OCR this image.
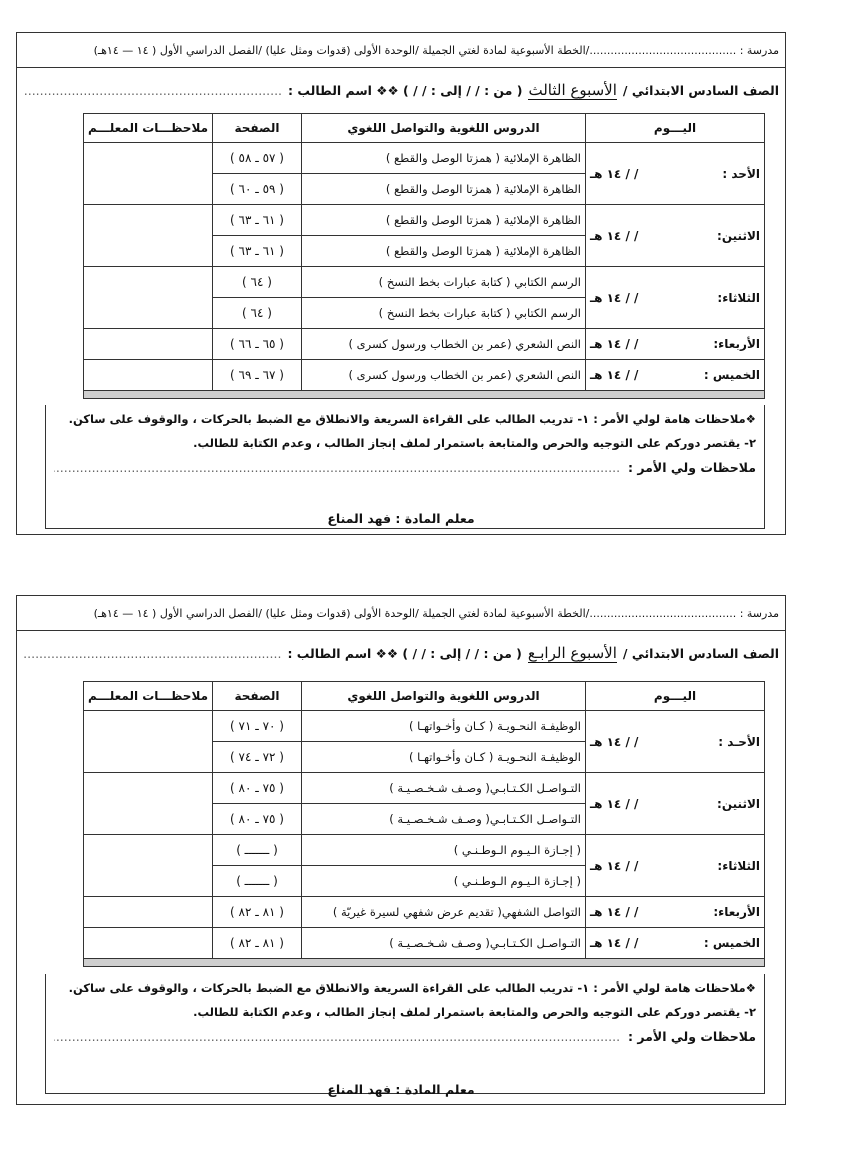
مدرسة : ........................................../الخطة الأسبوعية لمادة لغتي الجميلة /الوحدة الأولى (قدوات ومثل عليا) /الفصل الدراسي الأول ( ١٤ — ١٤هـ)
الصف السادس الابتدائي /
الأسبوع الثالث
( من : / / إلى : / / ) ❖❖ اسم الطالب :
.....
اليـــوم	الدروس اللغوية والتواصل اللغوي	الصفحة	ملاحظـــات المعلـــم

الأحد :
/ / ١٤ هـ	الظاهرة الإملائية ( همزتا الوصل والقطع )	( ٥٧ ـ ٥٨ )	
	الظاهرة الإملائية ( همزتا الوصل والقطع )	( ٥٩ ـ ٦٠ )	

الاثنين:
/ / ١٤ هـ	الظاهرة الإملائية ( همزتا الوصل والقطع )	( ٦١ ـ ٦٣ )	
	الظاهرة الإملائية ( همزتا الوصل والقطع )	( ٦١ ـ ٦٣ )	

الثلاثاء:
/ / ١٤ هـ	الرسم الكتابي ( كتابة عبارات بخط النسخ )	( ٦٤ )	
	الرسم الكتابي ( كتابة عبارات بخط النسخ )	( ٦٤ )	

الأربعاء:
/ / ١٤ هـ	النص الشعري (عمر بن الخطاب ورسول كسرى )	( ٦٥ ـ ٦٦ )	

الخميس :
/ / ١٤ هـ	النص الشعري (عمر بن الخطاب ورسول كسرى )	( ٦٧ ـ ٦٩ )	

❖ملاحظات هامة لولي الأمر : ١- تدريب الطالب على القراءة السريعة والانطلاق مع الضبط بالحركات ، والوقوف على ساكن.

٢- يقتصر دوركم على التوجيه والحرص والمتابعة باستمرار لملف إنجاز الطالب ، وعدم الكتابة للطالب.

ملاحظات ولي الأمر :
.....
معلم المادة : فهد المناع
مدرسة : ........................................../الخطة الأسبوعية لمادة لغتي الجميلة /الوحدة الأولى (قدوات ومثل عليا) /الفصل الدراسي الأول ( ١٤ — ١٤هـ)
الصف السادس الابتدائي /
الأسبوع الرابـع
( من : / / إلى : / / ) ❖❖ اسم الطالب :
.....
اليـــوم	الدروس اللغوية والتواصل اللغوي	الصفحة	ملاحظـــات المعلـــم

الأحـد :
/ / ١٤ هـ	الوظيفـة النحـويـة ( كـان وأخـواتهـا )	( ٧٠ ـ ٧١ )	
	الوظيفـة النحـويـة ( كـان وأخـواتهـا )	( ٧٢ ـ ٧٤ )	

الاثنين:
/ / ١٤ هـ	التـواصـل الكـتـابـي( وصـف شـخـصـيـة )	( ٧٥ ـ ٨٠ )	
	التـواصـل الكـتـابـي( وصـف شـخـصـيـة )	( ٧٥ ـ ٨٠ )	

الثلاثاء:
/ / ١٤ هـ	( إجـازة الـيـوم الـوطـنـي )	( ـــــــ )	
	( إجـازة الـيـوم الـوطـنـي )	( ـــــــ )	

الأربعاء:
/ / ١٤ هـ	التواصل الشفهي( تقديم عرض شفهي لسيرة غيريّة )	( ٨١ ـ ٨٢ )	

الخميس :
/ / ١٤ هـ	التـواصـل الكـتـابـي( وصـف شـخـصـيـة )	( ٨١ ـ ٨٢ )	

❖ملاحظات هامة لولي الأمر : ١- تدريب الطالب على القراءة السريعة والانطلاق مع الضبط بالحركات ، والوقوف على ساكن.

٢- يقتصر دوركم على التوجيه والحرص والمتابعة باستمرار لملف إنجاز الطالب ، وعدم الكتابة للطالب.

ملاحظات ولي الأمر :
.....
معلم المادة : فهد المناع
